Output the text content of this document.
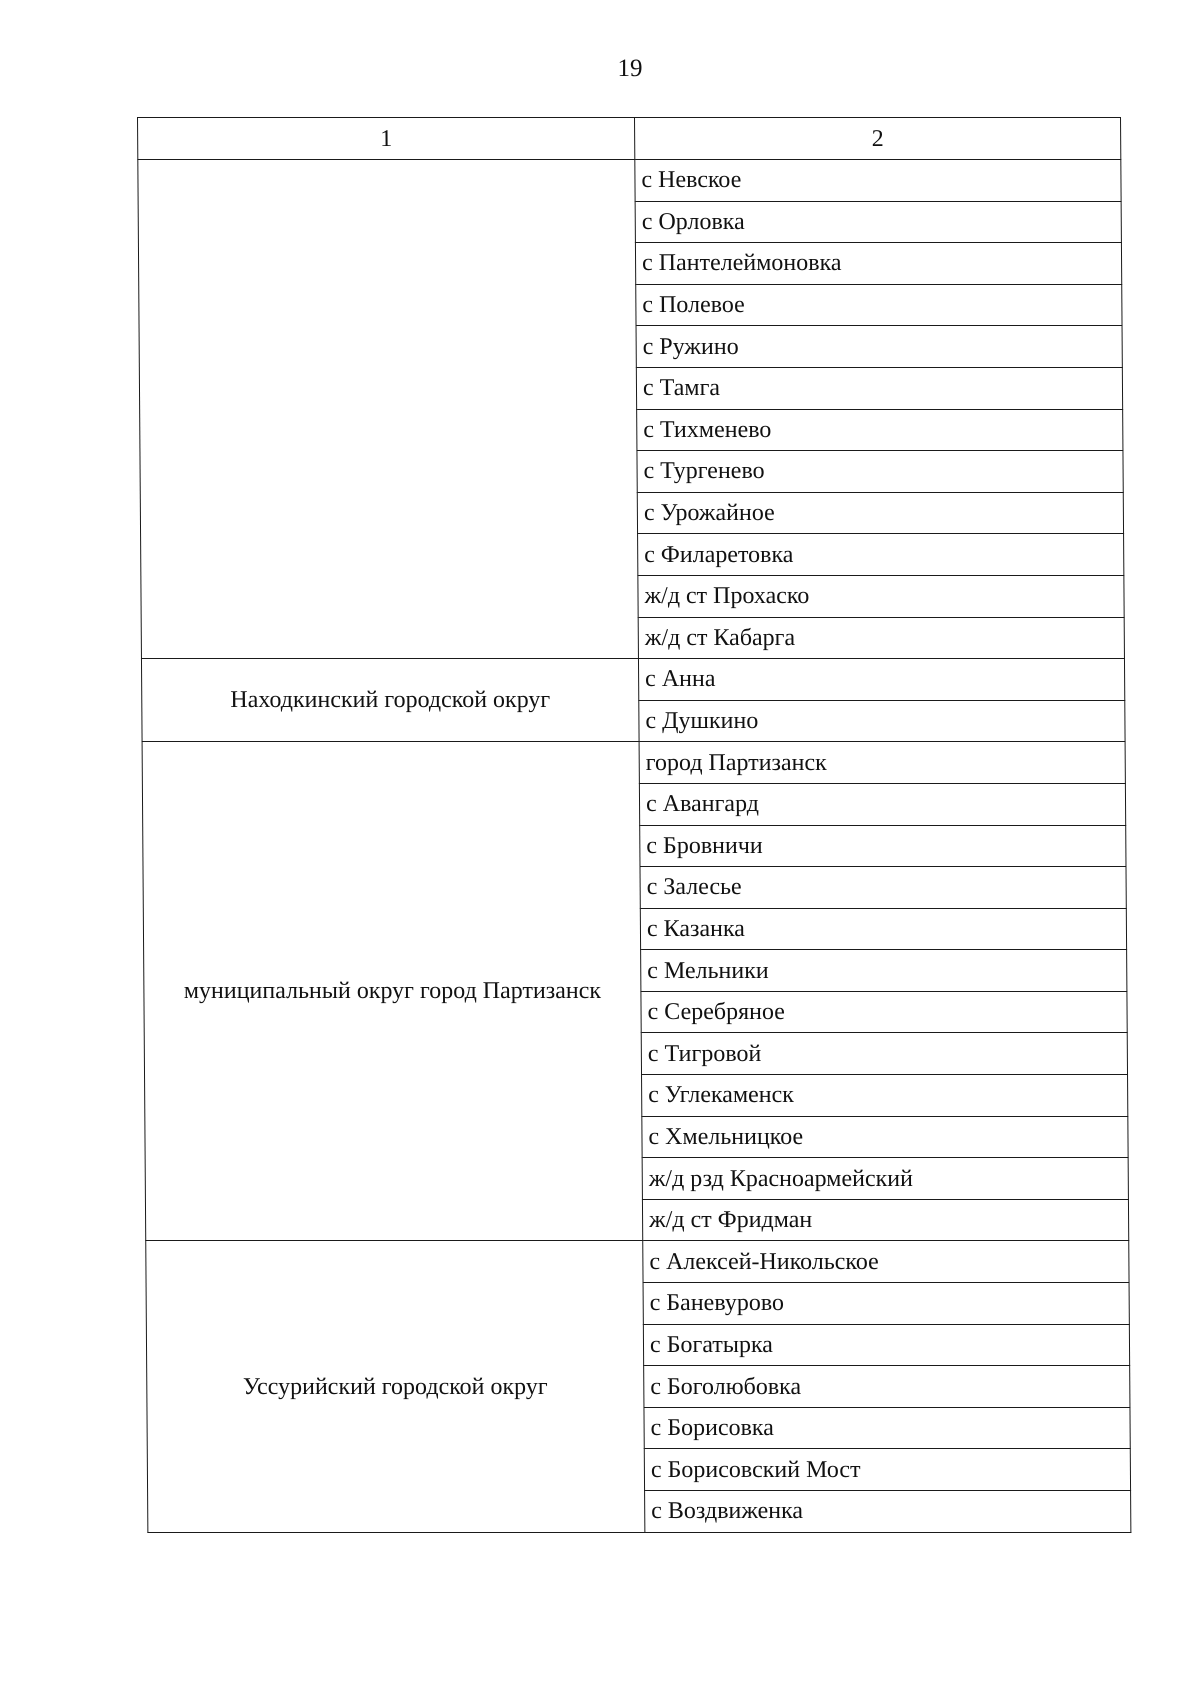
19
1	2
	с Невское
	с Орловка
	с Пантелеймоновка
	с Полевое
	с Ружино
	с Тамга
	с Тихменево
	с Тургенево
	с Урожайное
	с Филаретовка
	ж/д ст Прохаско
	ж/д ст Кабарга
Находкинский городской округ	с Анна
	с Душкино
муниципальный округ город Партизанск	город Партизанск
	с Авангард
	с Бровничи
	с Залесье
	с Казанка
	с Мельники
	с Серебряное
	с Тигровой
	с Углекаменск
	с Хмельницкое
	ж/д рзд Красноармейский
	ж/д ст Фридман
Уссурийский городской округ	с Алексей-Никольское
	с Баневурово
	с Богатырка
	с Боголюбовка
	с Борисовка
	с Борисовский Мост
	с Воздвиженка
